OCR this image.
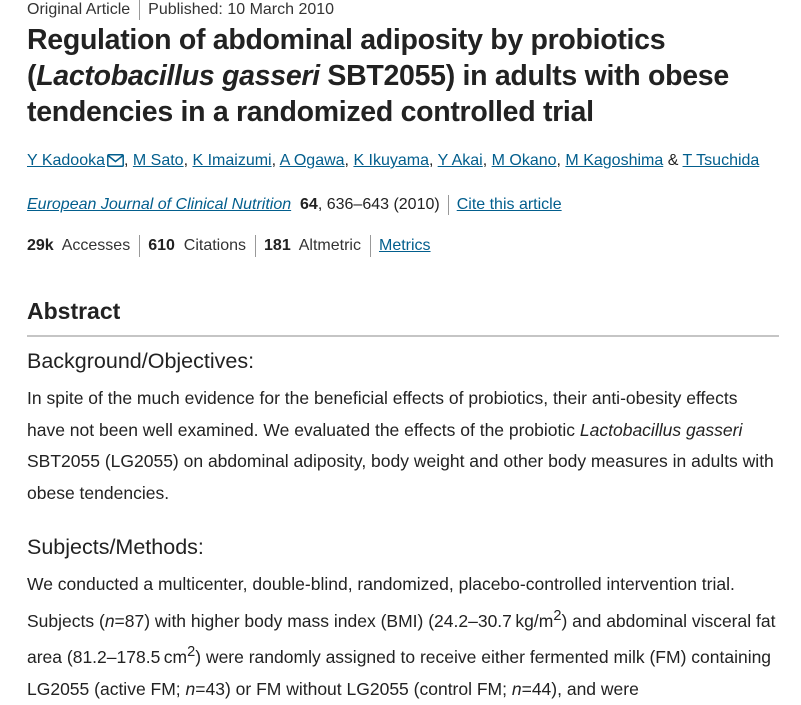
Original Article Published: 10 March 2010
Regulation of abdominal adiposity by probiotics (Lactobacillus gasseri SBT2055) in adults with obese tendencies in a randomized controlled trial
Y Kadooka , M Sato, K Imaizumi, A Ogawa, K Ikuyama, Y Akai, M Okano, M Kagoshima & T Tsuchida
European Journal of Clinical Nutrition 64, 636–643 (2010) Cite this article
29k Accesses 610 Citations 181 Altmetric Metrics
Abstract
Background/Objectives:

In spite of the much evidence for the beneficial effects of probiotics, their anti-obesity effects have not been well examined. We evaluated the effects of the probiotic Lactobacillus gasseri SBT2055 (LG2055) on abdominal adiposity, body weight and other body measures in adults with obese tendencies.

Subjects/Methods:

We conducted a multicenter, double-blind, randomized, placebo-controlled intervention trial. Subjects (n=87) with higher body mass index (BMI) (24.2–30.7 $kg/m^2$) and abdominal visceral fat area (81.2–178.5 $cm^2$) were randomly assigned to receive either fermented milk (FM) containing LG2055 (active FM; n=43) or FM without LG2055 (control FM; n=44), and were
